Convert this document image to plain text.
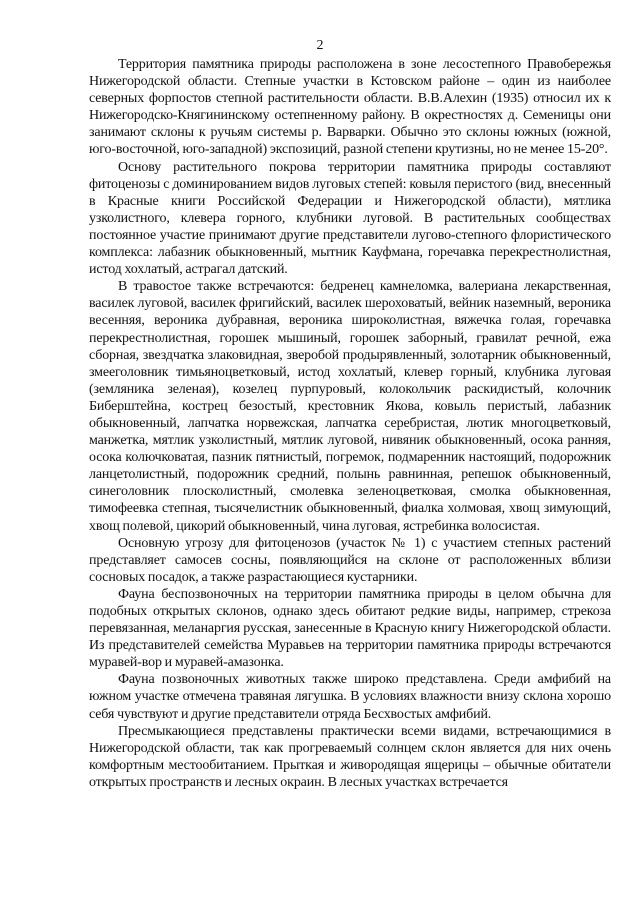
2

Территория памятника природы расположена в зоне лесостепного Правобережья Нижегородской области. Степные участки в Кстовском районе – один из наиболее северных форпостов степной растительности области. В.В.Алехин (1935) относил их к Нижегородско-Княгининскому остепненному району. В окрестностях д. Семеницы они занимают склоны к ручьям системы р. Варварки. Обычно это склоны южных (южной, юго-восточной, юго-западной) экспозиций, разной степени крутизны, но не менее 15-20°.

Основу растительного покрова территории памятника природы составляют фитоценозы с доминированием видов луговых степей: ковыля перистого (вид, внесенный в Красные книги Российской Федерации и Нижегородской области), мятлика узколистного, клевера горного, клубники луговой. В растительных сообществах постоянное участие принимают другие представители лугово-степного флористического комплекса: лабазник обыкновенный, мытник Кауфмана, горечавка перекрестнолистная, истод хохлатый, астрагал датский.

В травостое также встречаются: бедренец камнеломка, валериана лекарственная, василек луговой, василек фригийский, василек шероховатый, вейник наземный, вероника весенняя, вероника дубравная, вероника широколистная, вяжечка голая, горечавка перекрестнолистная, горошек мышиный, горошек заборный, гравилат речной, ежа сборная, звездчатка злаковидная, зверобой продырявленный, золотарник обыкновенный, змееголовник тимьяноцветковый, истод хохлатый, клевер горный, клубника луговая (земляника зеленая), козелец пурпуровый, колокольчик раскидистый, колочник Биберштейна, кострец безостый, крестовник Якова, ковыль перистый, лабазник обыкновенный, лапчатка норвежская, лапчатка серебристая, лютик многоцветковый, манжетка, мятлик узколистный, мятлик луговой, нивяник обыкновенный, осока ранняя, осока колючковатая, пазник пятнистый, погремок, подмаренник настоящий, подорожник ланцетолистный, подорожник средний, полынь равнинная, репешок обыкновенный, синеголовник плосколистный, смолевка зеленоцветковая, смолка обыкновенная, тимофеевка степная, тысячелистник обыкновенный, фиалка холмовая, хвощ зимующий, хвощ полевой, цикорий обыкновенный, чина луговая, ястребинка волосистая.

Основную угрозу для фитоценозов (участок № 1) с участием степных растений представляет самосев сосны, появляющийся на склоне от расположенных вблизи сосновых посадок, а также разрастающиеся кустарники.

Фауна беспозвоночных на территории памятника природы в целом обычна для подобных открытых склонов, однако здесь обитают редкие виды, например, стрекоза перевязанная, меланаргия русская, занесенные в Красную книгу Нижегородской области. Из представителей семейства Муравьев на территории памятника природы встречаются муравей-вор и муравей-амазонка.

Фауна позвоночных животных также широко представлена. Среди амфибий на южном участке отмечена травяная лягушка. В условиях влажности внизу склона хорошо себя чувствуют и другие представители отряда Бесхвостых амфибий.

Пресмыкающиеся представлены практически всеми видами, встречающимися в Нижегородской области, так как прогреваемый солнцем склон является для них очень комфортным местообитанием. Прыткая и живородящая ящерицы – обычные обитатели открытых пространств и лесных окраин. В лесных участках встречается
